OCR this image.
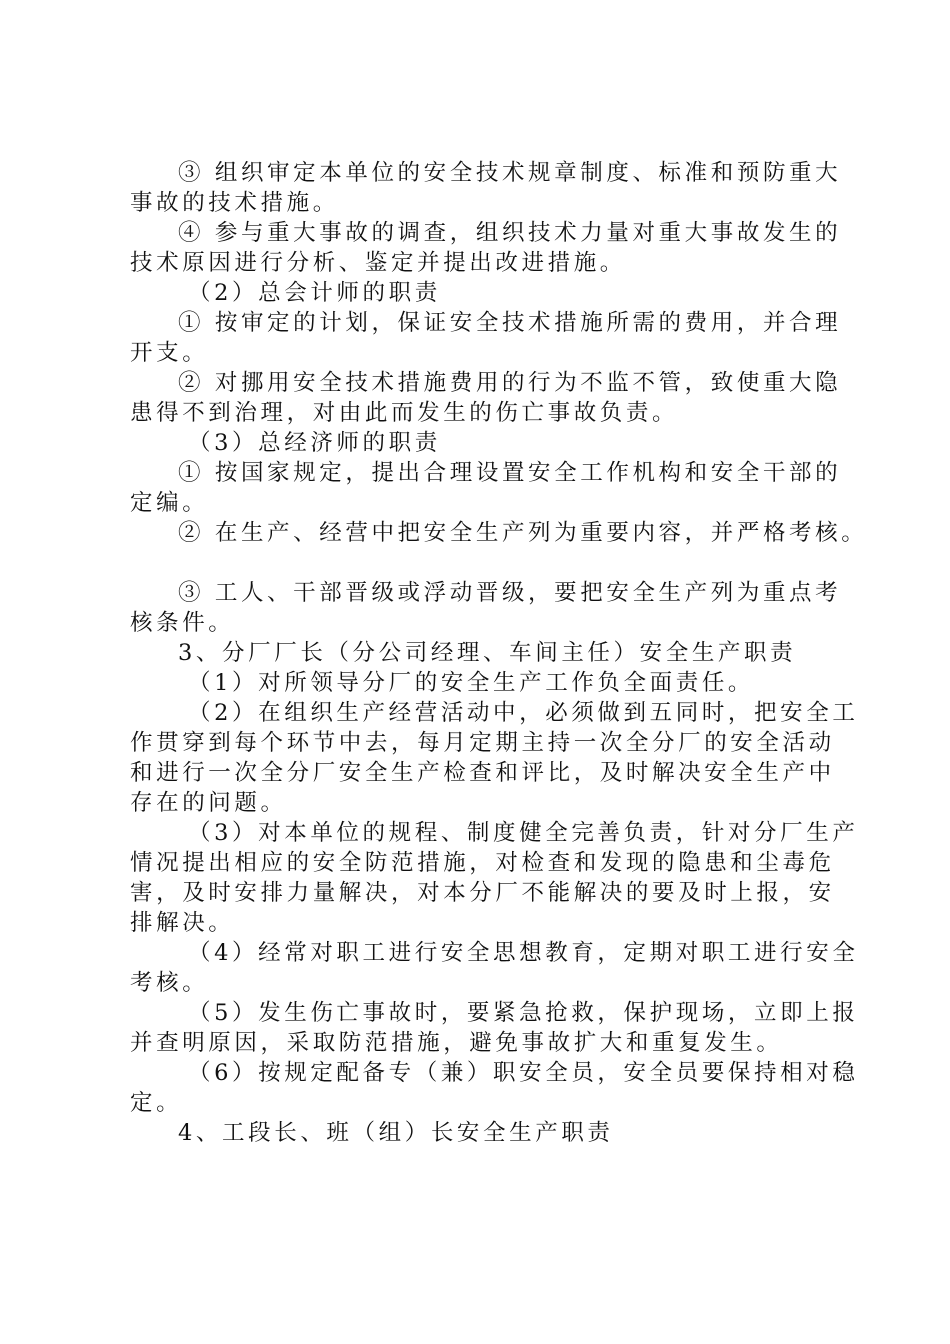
③ 组织审定本单位的安全技术规章制度、标准和预防重大
事故的技术措施。
④ 参与重大事故的调查，组织技术力量对重大事故发生的
技术原因进行分析、鉴定并提出改进措施。
（2）总会计师的职责
① 按审定的计划，保证安全技术措施所需的费用，并合理
开支。
② 对挪用安全技术措施费用的行为不监不管，致使重大隐
患得不到治理，对由此而发生的伤亡事故负责。
（3）总经济师的职责
① 按国家规定，提出合理设置安全工作机构和安全干部的
定编。
② 在生产、经营中把安全生产列为重要内容，并严格考核。
③ 工人、干部晋级或浮动晋级，要把安全生产列为重点考
核条件。
3、分厂厂长（分公司经理、车间主任）安全生产职责
（1）对所领导分厂的安全生产工作负全面责任。
（2）在组织生产经营活动中，必须做到五同时，把安全工
作贯穿到每个环节中去，每月定期主持一次全分厂的安全活动
和进行一次全分厂安全生产检查和评比，及时解决安全生产中
存在的问题。
（3）对本单位的规程、制度健全完善负责，针对分厂生产
情况提出相应的安全防范措施，对检查和发现的隐患和尘毒危
害，及时安排力量解决，对本分厂不能解决的要及时上报，安
排解决。
（4）经常对职工进行安全思想教育，定期对职工进行安全
考核。
（5）发生伤亡事故时，要紧急抢救，保护现场，立即上报
并查明原因，采取防范措施，避免事故扩大和重复发生。
（6）按规定配备专（兼）职安全员，安全员要保持相对稳
定。
4、工段长、班（组）长安全生产职责
